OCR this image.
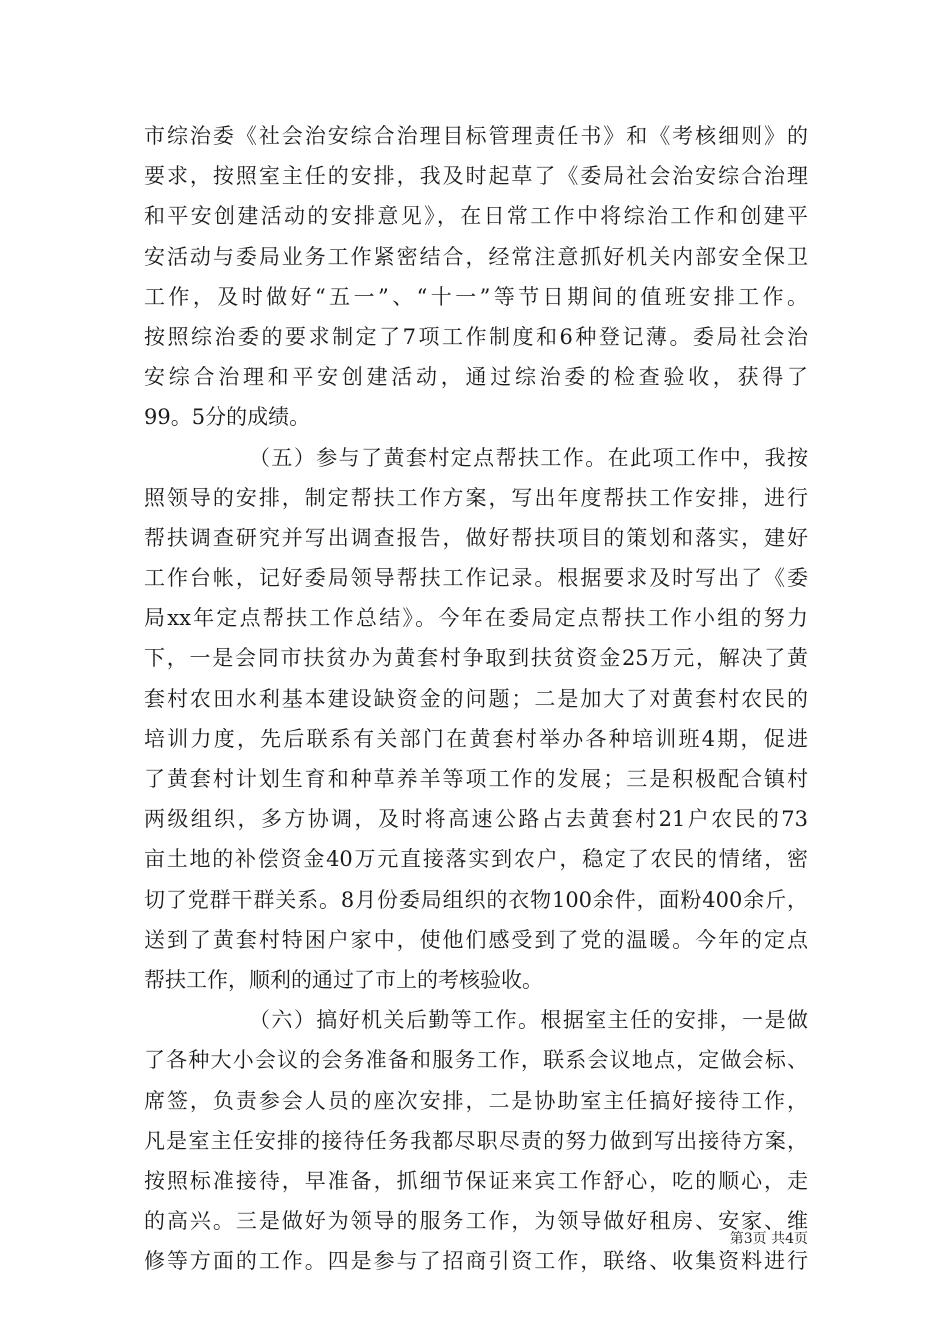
市综治委《社会治安综合治理目标管理责任书》和《考核细则》的
要求，按照室主任的安排，我及时起草了《委局社会治安综合治理
和平安创建活动的安排意见》，在日常工作中将综治工作和创建平
安活动与委局业务工作紧密结合，经常注意抓好机关内部安全保卫
工作，及时做好“五一”、“十一”等节日期间的值班安排工作。
按照综治委的要求制定了7项工作制度和6种登记薄。委局社会治
安综合治理和平安创建活动，通过综治委的检查验收，获得了
99。5分的成绩。
（五）参与了黄套村定点帮扶工作。在此项工作中，我按
照领导的安排，制定帮扶工作方案，写出年度帮扶工作安排，进行
帮扶调查研究并写出调查报告，做好帮扶项目的策划和落实，建好
工作台帐，记好委局领导帮扶工作记录。根据要求及时写出了《委
局xx年定点帮扶工作总结》。今年在委局定点帮扶工作小组的努力
下，一是会同市扶贫办为黄套村争取到扶贫资金25万元，解决了黄
套村农田水利基本建设缺资金的问题；二是加大了对黄套村农民的
培训力度，先后联系有关部门在黄套村举办各种培训班4期，促进
了黄套村计划生育和种草养羊等项工作的发展；三是积极配合镇村
两级组织，多方协调，及时将高速公路占去黄套村21户农民的73
亩土地的补偿资金40万元直接落实到农户，稳定了农民的情绪，密
切了党群干群关系。8月份委局组织的衣物100余件，面粉400余斤，
送到了黄套村特困户家中，使他们感受到了党的温暖。今年的定点
帮扶工作，顺利的通过了市上的考核验收。
（六）搞好机关后勤等工作。根据室主任的安排，一是做
了各种大小会议的会务准备和服务工作，联系会议地点，定做会标、
席签，负责参会人员的座次安排，二是协助室主任搞好接待工作，
凡是室主任安排的接待任务我都尽职尽责的努力做到写出接待方案，
按照标准接待，早准备，抓细节保证来宾工作舒心，吃的顺心，走
的高兴。三是做好为领导的服务工作，为领导做好租房、安家、维
修等方面的工作。四是参与了招商引资工作，联络、收集资料进行
第3页 共4页
